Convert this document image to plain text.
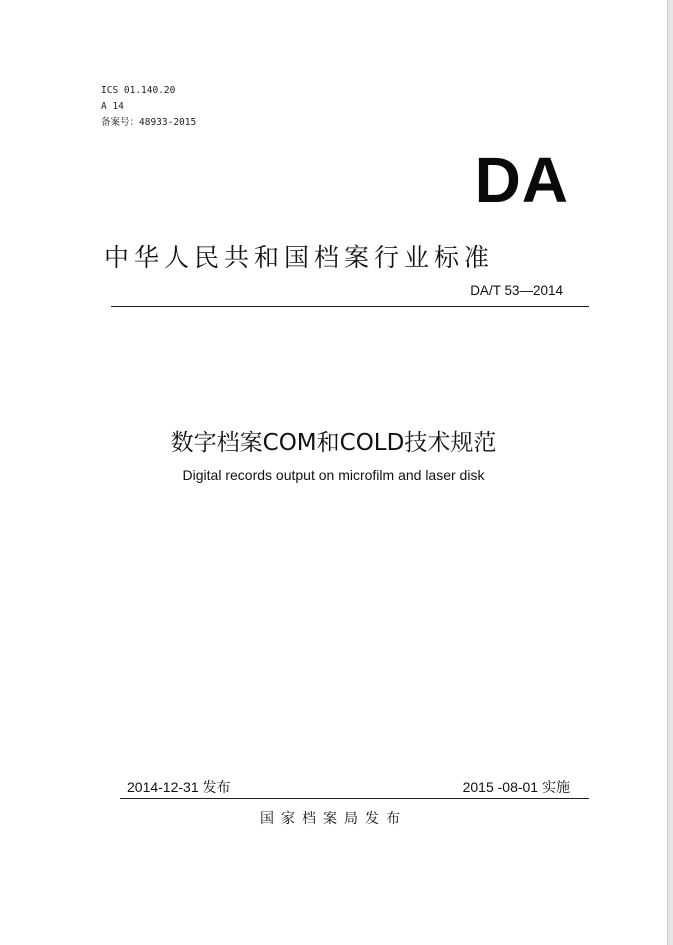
ICS 01.140.20
A 14
备案号：48933-2015
DA
中华人民共和国档案行业标准
DA/T 53—2014
数字档案COM和COLD技术规范
Digital records output on microfilm and laser disk
2014-12-31 发布	2015 -08-01 实施
国家档案局发布
